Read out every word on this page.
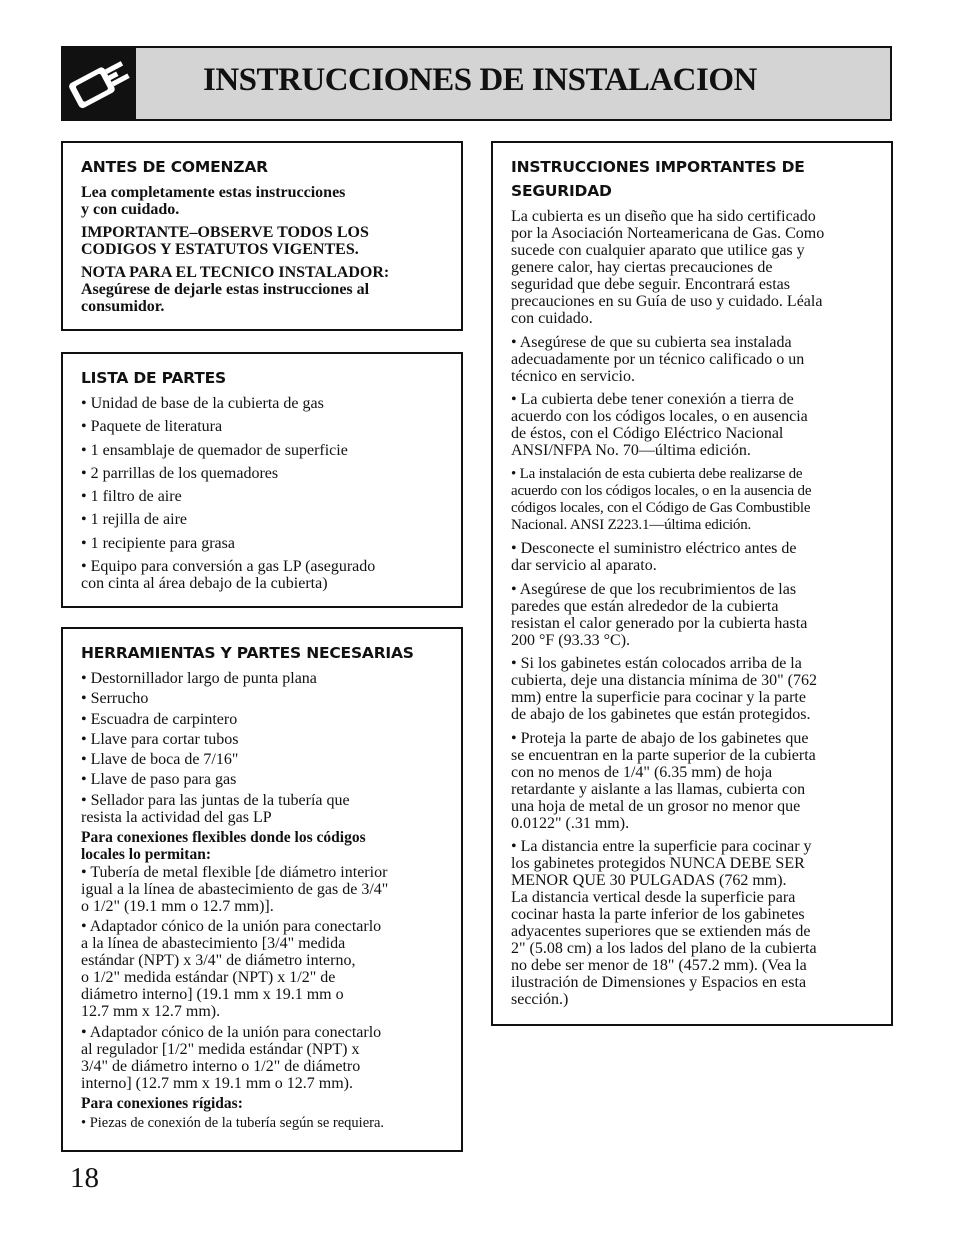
INSTRUCCIONES DE INSTALACION
ANTES DE COMENZAR
Lea completamente estas instrucciones
y con cuidado.
IMPORTANTE–OBSERVE TODOS LOS
CODIGOS Y ESTATUTOS VIGENTES.
NOTA PARA EL TECNICO INSTALADOR:
Asegúrese de dejarle estas instrucciones al
consumidor.
LISTA DE PARTES
• Unidad de base de la cubierta de gas
• Paquete de literatura
• 1 ensamblaje de quemador de superficie
• 2 parrillas de los quemadores
• 1 filtro de aire
• 1 rejilla de aire
• 1 recipiente para grasa
• Equipo para conversión a gas LP (asegurado
con cinta al área debajo de la cubierta)
HERRAMIENTAS Y PARTES NECESARIAS
• Destornillador largo de punta plana
• Serrucho
• Escuadra de carpintero
• Llave para cortar tubos
• Llave de boca de 7/16"
• Llave de paso para gas
• Sellador para las juntas de la tubería que
resista la actividad del gas LP
Para conexiones flexibles donde los códigos
locales lo permitan:
• Tubería de metal flexible [de diámetro interior
igual a la línea de abastecimiento de gas de 3/4"
o 1/2" (19.1 mm o 12.7 mm)].
• Adaptador cónico de la unión para conectarlo
a la línea de abastecimiento [3/4" medida
estándar (NPT) x 3/4" de diámetro interno,
o 1/2" medida estándar (NPT) x 1/2" de
diámetro interno] (19.1 mm x 19.1 mm o
12.7 mm x 12.7 mm).
• Adaptador cónico de la unión para conectarlo
al regulador [1/2" medida estándar (NPT) x
3/4" de diámetro interno o 1/2" de diámetro
interno] (12.7 mm x 19.1 mm o 12.7 mm).
Para conexiones rígidas:
• Piezas de conexión de la tubería según se requiera.
INSTRUCCIONES IMPORTANTES DE
SEGURIDAD
La cubierta es un diseño que ha sido certificado
por la Asociación Norteamericana de Gas. Como
sucede con cualquier aparato que utilice gas y
genere calor, hay ciertas precauciones de
seguridad que debe seguir. Encontrará estas
precauciones en su Guía de uso y cuidado. Léala
con cuidado.
• Asegúrese de que su cubierta sea instalada
adecuadamente por un técnico calificado o un
técnico en servicio.
• La cubierta debe tener conexión a tierra de
acuerdo con los códigos locales, o en ausencia
de éstos, con el Código Eléctrico Nacional
ANSI/NFPA No. 70—última edición.
• La instalación de esta cubierta debe realizarse de
acuerdo con los códigos locales, o en la ausencia de
códigos locales, con el Código de Gas Combustible
Nacional. ANSI Z223.1—última edición.
• Desconecte el suministro eléctrico antes de
dar servicio al aparato.
• Asegúrese de que los recubrimientos de las
paredes que están alrededor de la cubierta
resistan el calor generado por la cubierta hasta
200 °F (93.33 °C).
• Si los gabinetes están colocados arriba de la
cubierta, deje una distancia mínima de 30" (762
mm) entre la superficie para cocinar y la parte
de abajo de los gabinetes que están protegidos.
• Proteja la parte de abajo de los gabinetes que
se encuentran en la parte superior de la cubierta
con no menos de 1/4" (6.35 mm) de hoja
retardante y aislante a las llamas, cubierta con
una hoja de metal de un grosor no menor que
0.0122" (.31 mm).
• La distancia entre la superficie para cocinar y
los gabinetes protegidos NUNCA DEBE SER
MENOR QUE 30 PULGADAS (762 mm).
La distancia vertical desde la superficie para
cocinar hasta la parte inferior de los gabinetes
adyacentes superiores que se extienden más de
2" (5.08 cm) a los lados del plano de la cubierta
no debe ser menor de 18" (457.2 mm). (Vea la
ilustración de Dimensiones y Espacios en esta
sección.)
18
